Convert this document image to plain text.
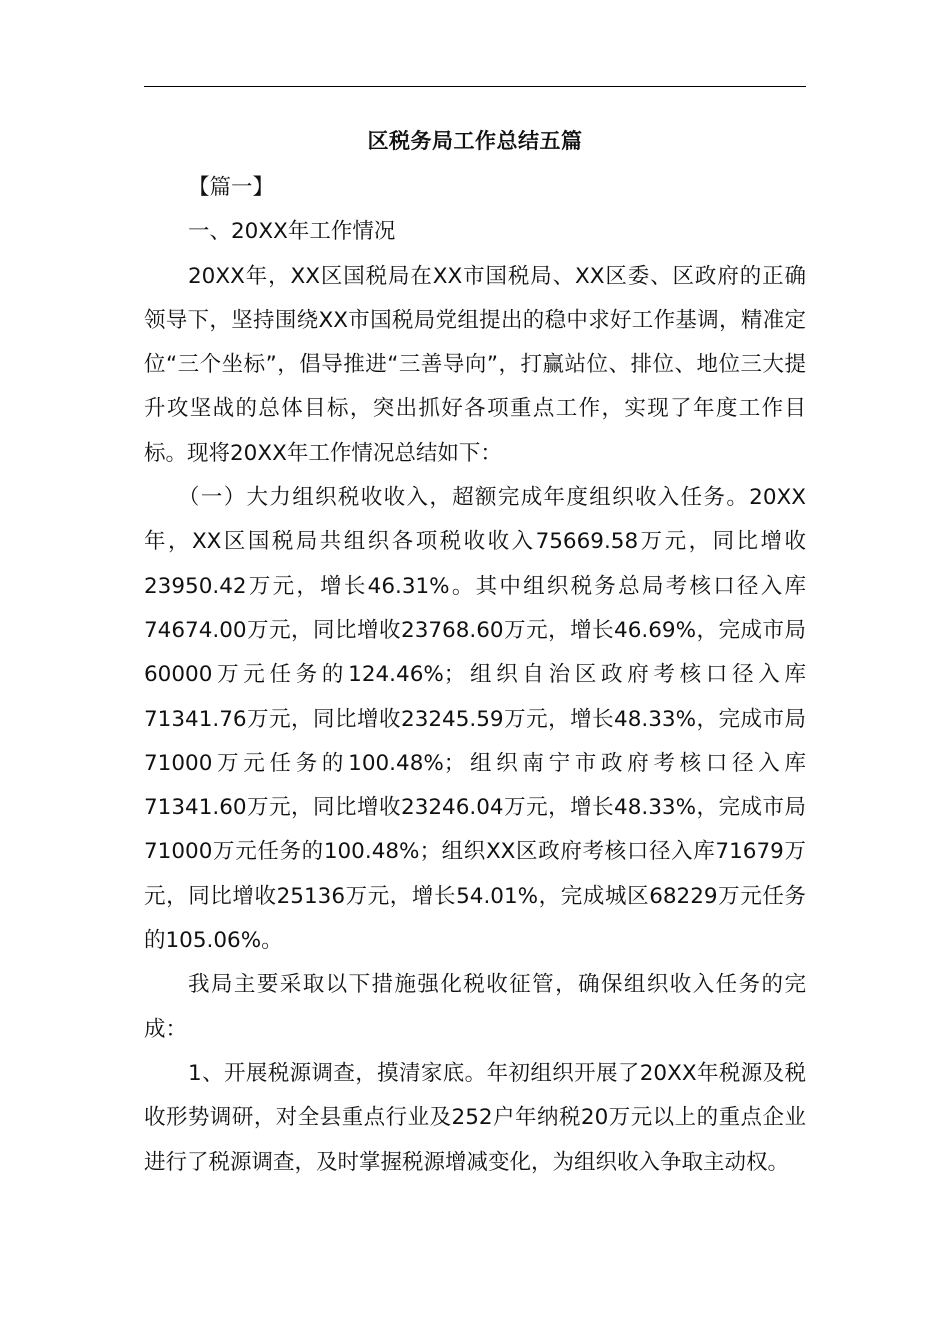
区税务局工作总结五篇

【篇一】

一、20XX年工作情况

20XX年，XX区国税局在XX市国税局、XX区委、区政府的正确领导下，坚持围绕XX市国税局党组提出的稳中求好工作基调，精准定位“三个坐标”，倡导推进“三善导向”，打赢站位、排位、地位三大提升攻坚战的总体目标，突出抓好各项重点工作，实现了年度工作目标。现将20XX年工作情况总结如下：

（一）大力组织税收收入，超额完成年度组织收入任务。20XX年，XX区国税局共组织各项税收收入75669.58万元，同比增收23950.42万元，增长46.31%。其中组织税务总局考核口径入库74674.00万元，同比增收23768.60万元，增长46.69%，完成市局60000万元任务的124.46%；组织自治区政府考核口径入库71341.76万元，同比增收23245.59万元，增长48.33%，完成市局71000万元任务的100.48%；组织南宁市政府考核口径入库71341.60万元，同比增收23246.04万元，增长48.33%，完成市局71000万元任务的100.48%；组织XX区政府考核口径入库71679万元，同比增收25136万元，增长54.01%，完成城区68229万元任务的105.06%。

我局主要采取以下措施强化税收征管，确保组织收入任务的完成：

1、开展税源调查，摸清家底。年初组织开展了20XX年税源及税收形势调研，对全县重点行业及252户年纳税20万元以上的重点企业进行了税源调查，及时掌握税源增减变化，为组织收入争取主动权。
